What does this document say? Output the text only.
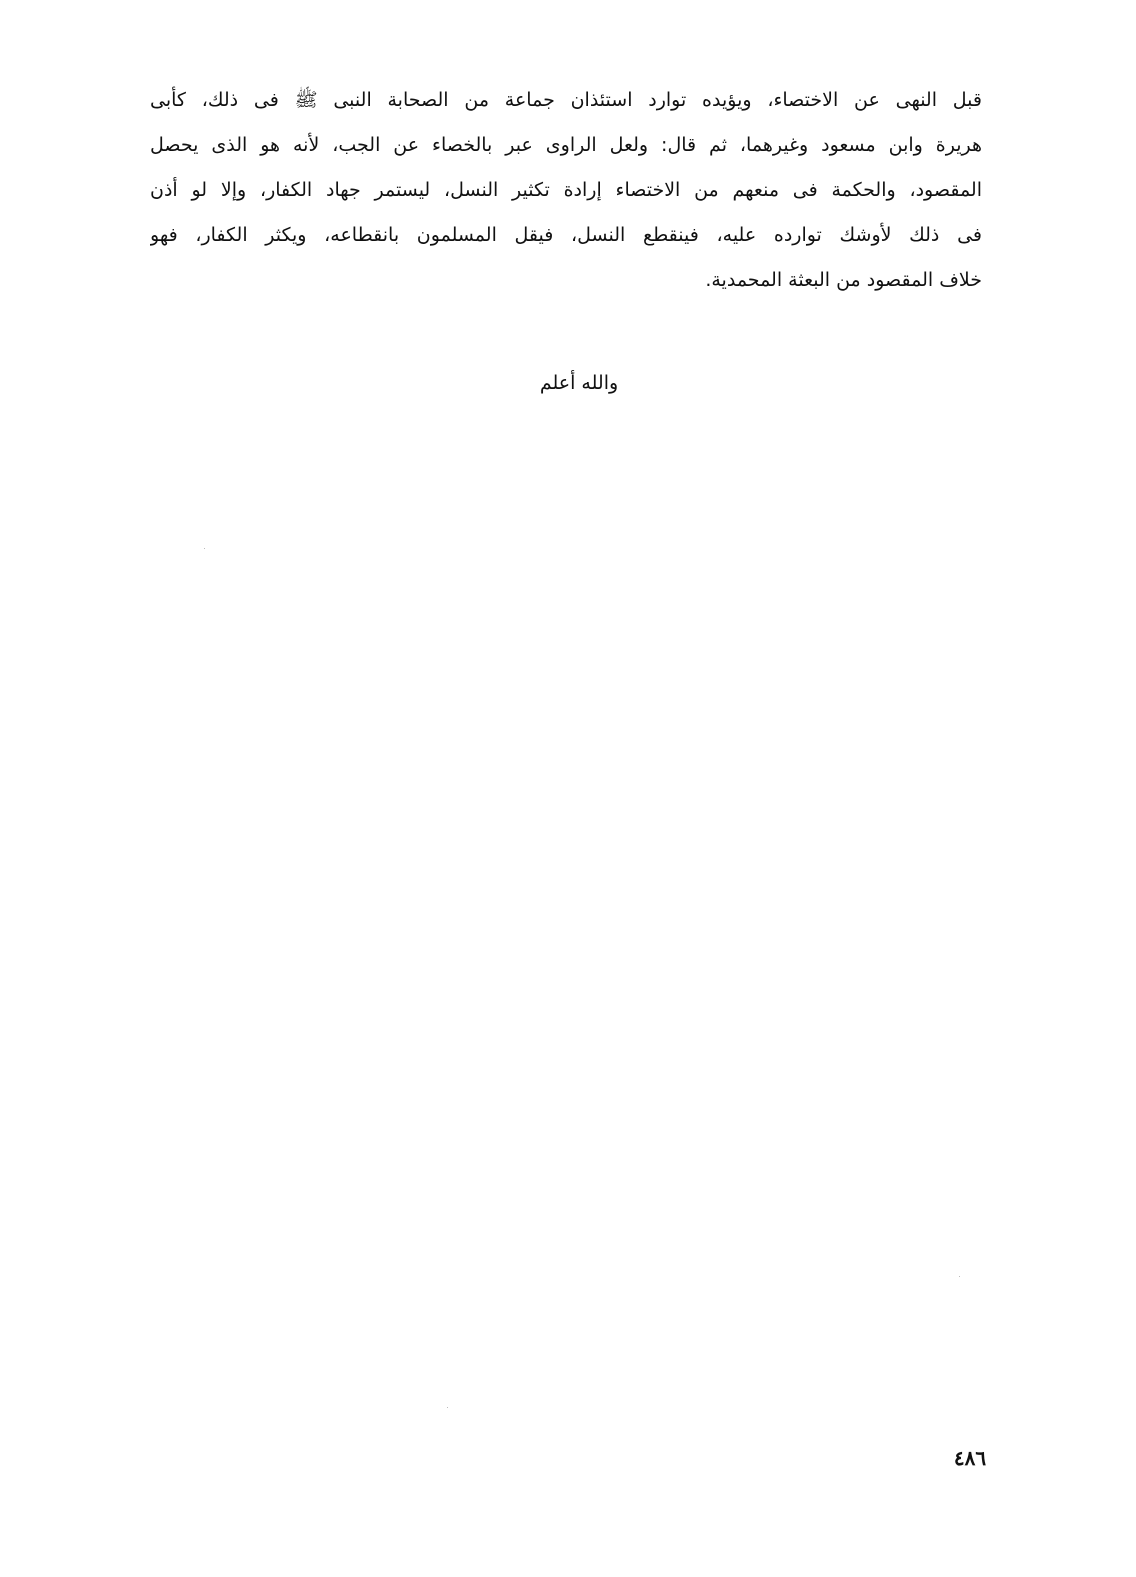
قبل النهى عن الاختصاء، ويؤيده توارد استئذان جماعة من الصحابة النبى ﷺ فى ذلك، كأبى
هريرة وابن مسعود وغيرهما، ثم قال: ولعل الراوى عبر بالخصاء عن الجب، لأنه هو الذى يحصل
المقصود، والحكمة فى منعهم من الاختصاء إرادة تكثير النسل، ليستمر جهاد الكفار، وإلا لو أذن
فى ذلك لأوشك توارده عليه، فينقطع النسل، فيقل المسلمون بانقطاعه، ويكثر الكفار، فهو
خلاف المقصود من البعثة المحمدية.
والله أعلم
٤٨٦
